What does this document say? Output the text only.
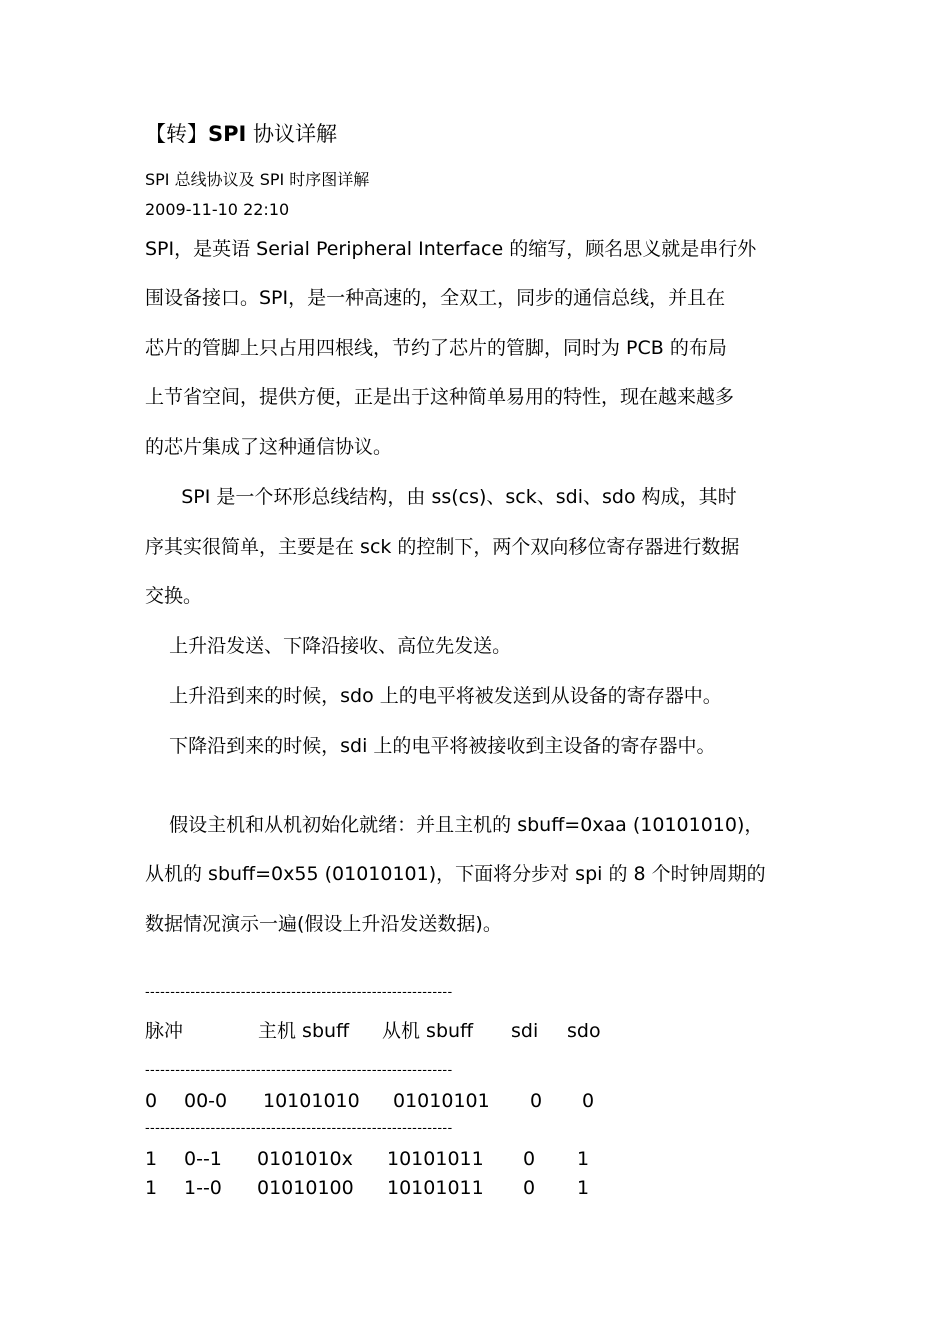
【转】SPI 协议详解
SPI 总线协议及 SPI 时序图详解
2009-11-10 22:10
SPI，是英语 Serial Peripheral Interface 的缩写，顾名思义就是串行外
围设备接口。SPI，是一种高速的，全双工，同步的通信总线，并且在
芯片的管脚上只占用四根线，节约了芯片的管脚，同时为 PCB 的布局
上节省空间，提供方便，正是出于这种简单易用的特性，现在越来越多
的芯片集成了这种通信协议。
SPI 是一个环形总线结构，由 ss(cs)、sck、sdi、sdo 构成，其时
序其实很简单，主要是在 sck 的控制下，两个双向移位寄存器进行数据
交换。
上升沿发送、下降沿接收、高位先发送。
上升沿到来的时候，sdo 上的电平将被发送到从设备的寄存器中。
下降沿到来的时候，sdi 上的电平将被接收到主设备的寄存器中。
假设主机和从机初始化就绪：并且主机的 sbuff=0xaa (10101010)，
从机的 sbuff=0x55 (01010101)，下面将分步对 spi 的 8 个时钟周期的
数据情况演示一遍(假设上升沿发送数据)。
-------------------------------------------------------------
脉冲	主机 sbuff 从机 sbuff sdi sdo
-------------------------------------------------------------
0 00-0 10101010 01010101 0 0
-------------------------------------------------------------
1 0--1 0101010x 10101011 0 1
1 1--0 01010100 10101011 0 1
